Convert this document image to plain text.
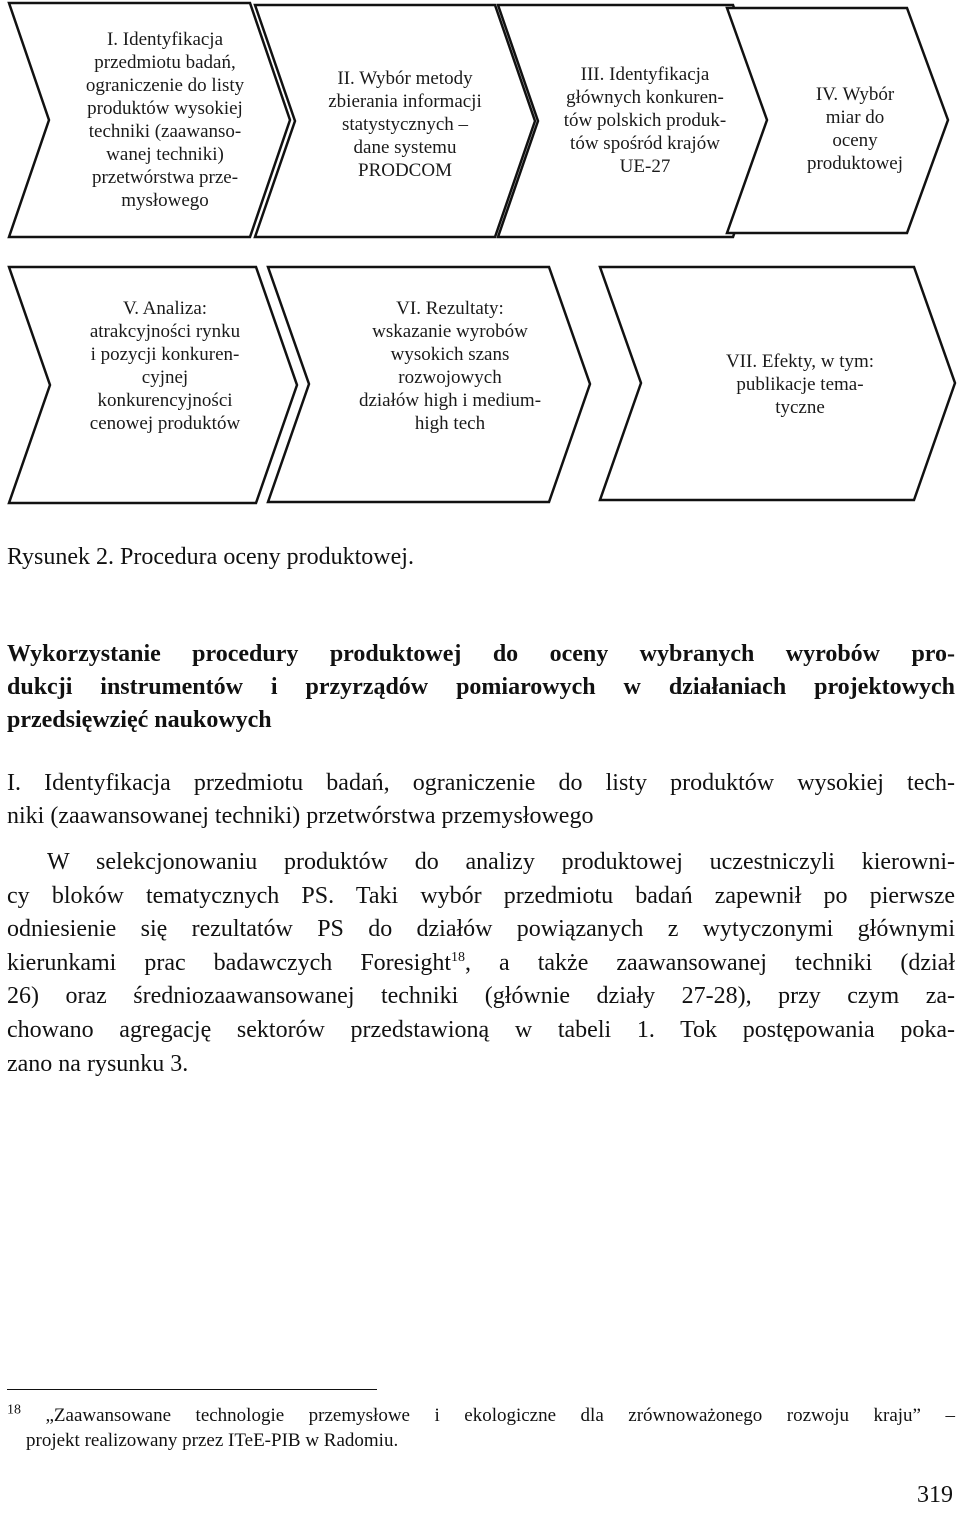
I. Identyfikacja
przedmiotu badań,
ograniczenie do listy
produktów wysokiej
techniki (zaawanso-
wanej techniki)
przetwórstwa prze-
mysłowego
II. Wybór metody
zbierania informacji
statystycznych –
dane systemu
PRODCOM
III. Identyfikacja
głównych konkuren-
tów polskich produk-
tów spośród krajów
UE-27
IV. Wybór
miar do
oceny
produktowej
V. Analiza:
atrakcyjności rynku
i pozycji konkuren-
cyjnej
konkurencyjności
cenowej produktów
VI. Rezultaty:
wskazanie wyrobów
wysokich szans
rozwojowych
działów high i medium-
high tech
VII. Efekty, w tym:
publikacje tema-
tyczne
Rysunek 2. Procedura oceny produktowej.
Wykorzystanie procedury produktowej do oceny wybranych wyrobów pro-
dukcji instrumentów i przyrządów pomiarowych w działaniach projektowych
przedsięwzięć naukowych
I. Identyfikacja przedmiotu badań, ograniczenie do listy produktów wysokiej tech-
niki (zaawansowanej techniki) przetwórstwa przemysłowego
W selekcjonowaniu produktów do analizy produktowej uczestniczyli kierowni-
cy bloków tematycznych PS. Taki wybór przedmiotu badań zapewnił po pierwsze
odniesienie się rezultatów PS do działów powiązanych z wytyczonymi głównymi
kierunkami prac badawczych Foresight$^{18}$, a także zaawansowanej techniki (dział
26) oraz średniozaawansowanej techniki (głównie działy 27-28), przy czym za-
chowano agregację sektorów przedstawioną w tabeli 1. Tok postępowania poka-
zano na rysunku 3.
$^{18}$ „Zaawansowane technologie przemysłowe i ekologiczne dla zrównoważonego rozwoju kraju” –
projekt realizowany przez ITeE-PIB w Radomiu.
319
